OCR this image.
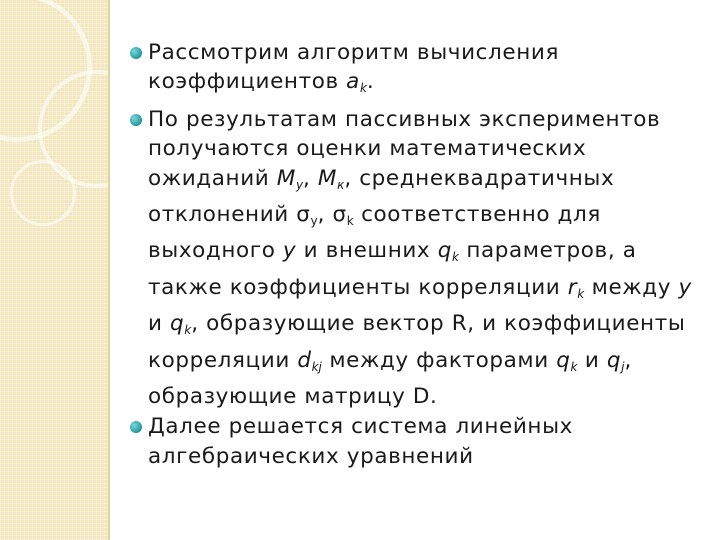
Рассмотрим алгоритм вычисления коэффициентов $a_k$.
По результатам пассивных экспериментов получаются оценки математических ожиданий $M_y$, $M_к$, среднеквадратичных отклонений σy, σk соответственно для выходного y и внешних $q_k$ параметров, а также коэффициенты корреляции $r_k$ между y и $q_k$, образующие вектор R, и коэффициенты корреляции $d_{kj}$ между факторами $q_k$ и $q_j$, образующие матрицу D.
Далее решается система линейных алгебраических уравнений
